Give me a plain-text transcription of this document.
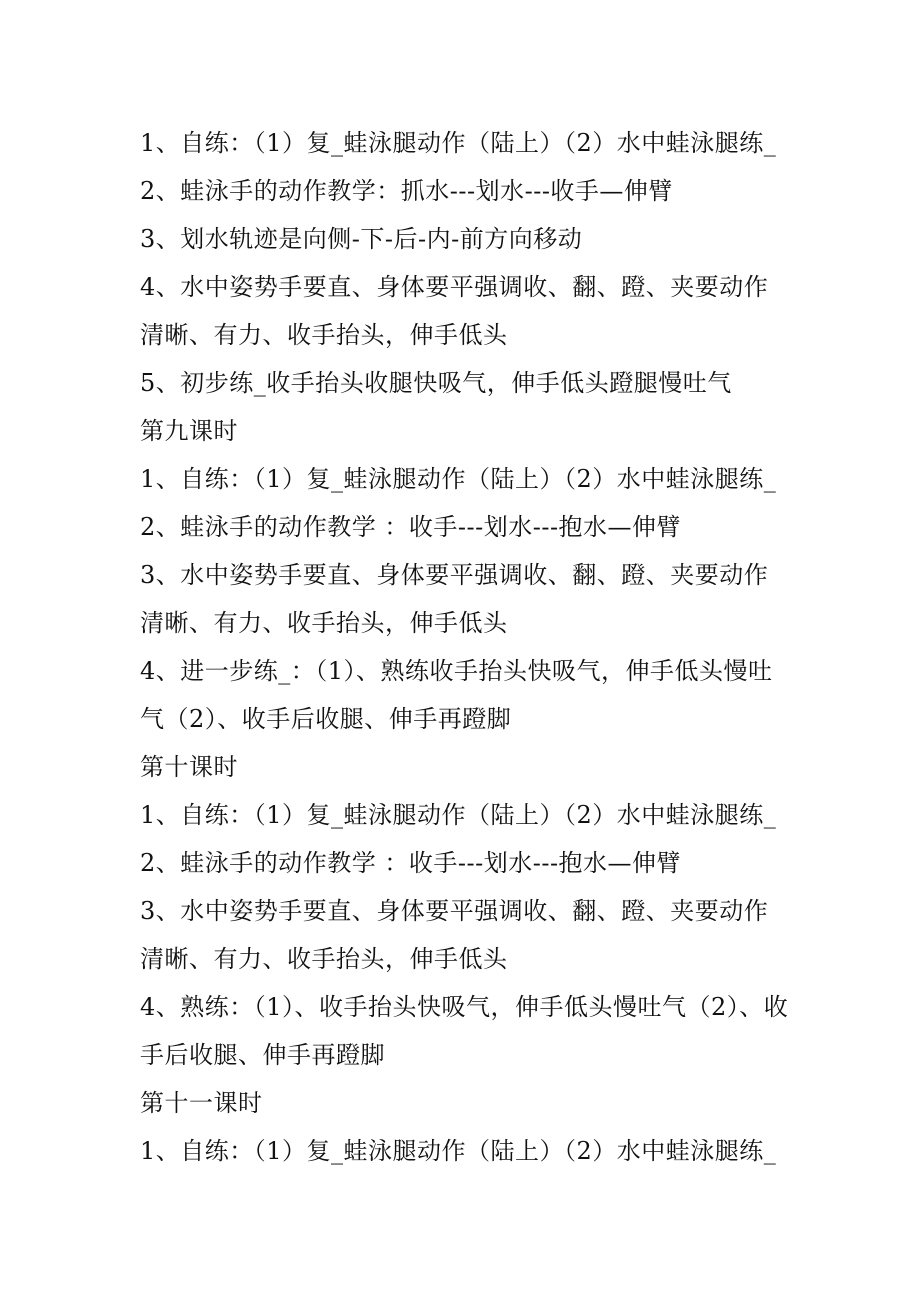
1、自练：（1）复_蛙泳腿动作（陆上）（2）水中蛙泳腿练_
2、蛙泳手的动作教学：抓水---划水---收手—伸臂
3、划水轨迹是向侧-下-后-内-前方向移动
4、水中姿势手要直、身体要平强调收、翻、蹬、夹要动作
清晰、有力、收手抬头，伸手低头
5、初步练_收手抬头收腿快吸气，伸手低头蹬腿慢吐气
第九课时
1、自练：（1）复_蛙泳腿动作（陆上）（2）水中蛙泳腿练_
2、蛙泳手的动作教学 ：收手---划水---抱水—伸臂
3、水中姿势手要直、身体要平强调收、翻、蹬、夹要动作
清晰、有力、收手抬头，伸手低头
4、进一步练_：（1）、熟练收手抬头快吸气，伸手低头慢吐
气（2）、收手后收腿、伸手再蹬脚
第十课时
1、自练：（1）复_蛙泳腿动作（陆上）（2）水中蛙泳腿练_
2、蛙泳手的动作教学 ：收手---划水---抱水—伸臂
3、水中姿势手要直、身体要平强调收、翻、蹬、夹要动作
清晰、有力、收手抬头，伸手低头
4、熟练：（1）、收手抬头快吸气，伸手低头慢吐气（2）、收
手后收腿、伸手再蹬脚
第十一课时
1、自练：（1）复_蛙泳腿动作（陆上）（2）水中蛙泳腿练_
